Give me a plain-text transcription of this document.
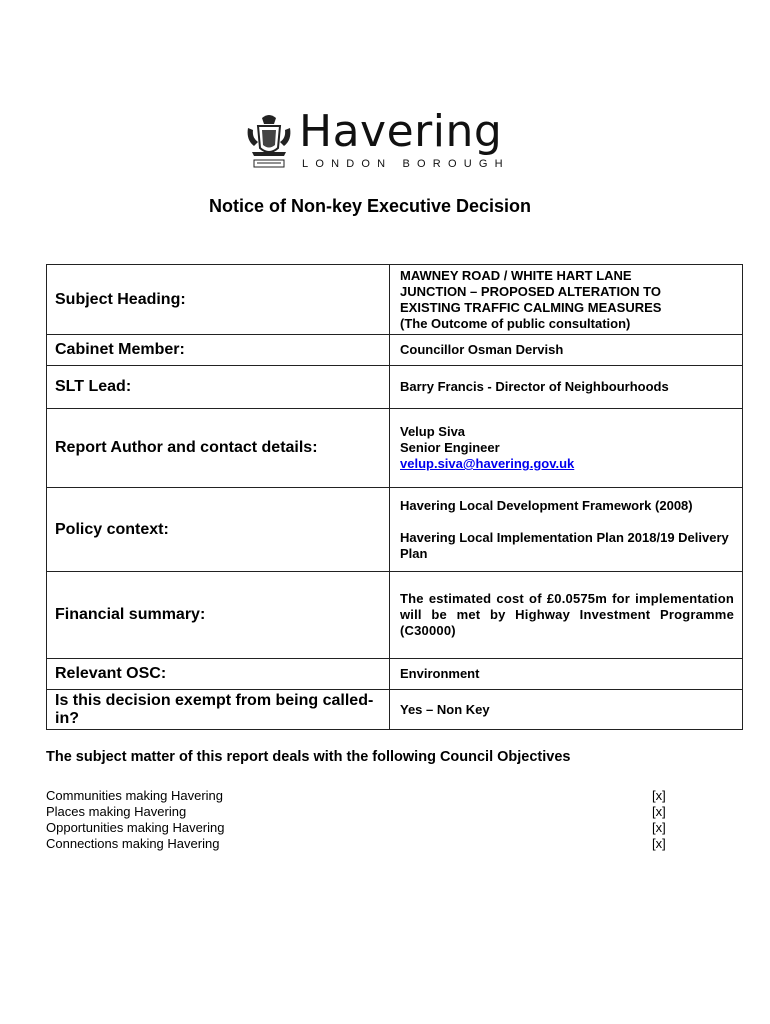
Havering
LONDON BOROUGH
Notice of Non-key Executive Decision
Subject Heading:	MAWNEY ROAD / WHITE HART LANE

JUNCTION – PROPOSED ALTERATION TO

EXISTING TRAFFIC CALMING MEASURES

(The Outcome of public consultation)

Cabinet Member:	Councillor Osman Dervish
SLT Lead:	Barry Francis - Director of Neighbourhoods
Report Author and contact details:	Velup Siva

Senior Engineer

velup.siva@havering.gov.uk

Policy context:	Havering Local Development Framework (2008)

Havering Local Implementation Plan 2018/19 Delivery Plan

Financial summary:	The estimated cost of £0.0575m for implementation will be met by Highway Investment Programme (C30000)
Relevant OSC:	Environment
Is this decision exempt from being called-in?	Yes – Non Key
The subject matter of this report deals with the following Council Objectives
Communities making Havering	[x]
Places making Havering	[x]
Opportunities making Havering	[x]
Connections making Havering	[x]
